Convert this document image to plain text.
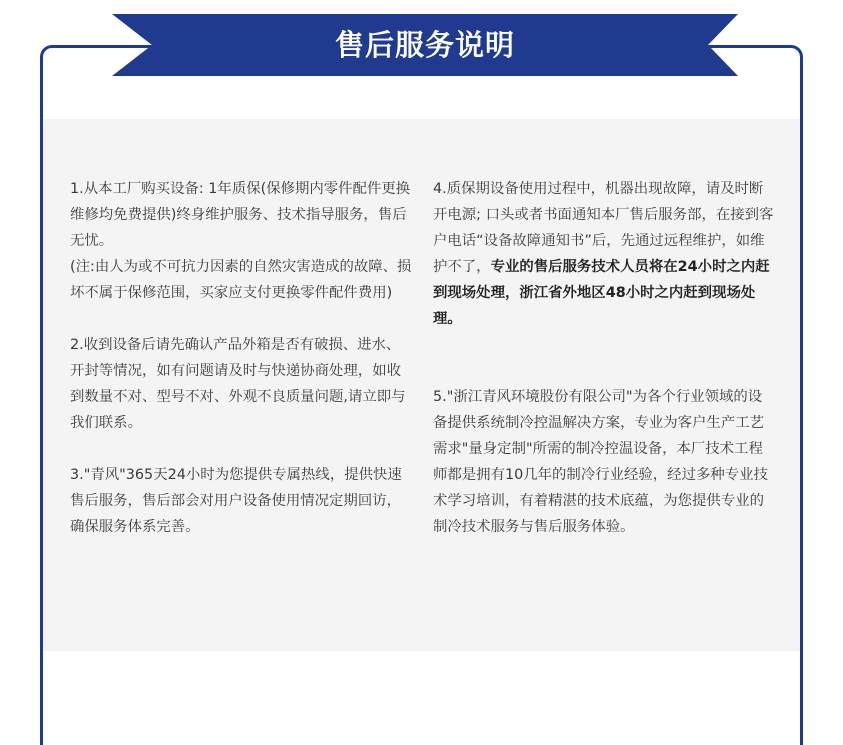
售后服务说明

1.从本工厂购买设备: 1年质保(保修期内零件配件更换维修均免费提供)终身维护服务、技术指导服务，售后无忧。

(注:由人为或不可抗力因素的自然灾害造成的故障、损坏不属于保修范围，买家应支付更换零件配件费用)

2.收到设备后请先确认产品外箱是否有破损、进水、开封等情况，如有问题请及时与快递协商处理，如收到数量不对、型号不对、外观不良质量问题,请立即与我们联系。

3."青风"365天24小时为您提供专属热线，提供快速售后服务，售后部会对用户设备使用情况定期回访，确保服务体系完善。

4.质保期设备使用过程中，机器出现故障，请及时断开电源; 口头或者书面通知本厂售后服务部，在接到客户电话“设备故障通知书”后，先通过远程维护，如维护不了，专业的售后服务技术人员将在24小时之内赶到现场处理，浙江省外地区48小时之内赶到现场处理。

5."浙江青风环境股份有限公司"为各个行业领域的设备提供系统制冷控温解决方案，专业为客户生产工艺需求"量身定制"所需的制冷控温设备，本厂技术工程师都是拥有10几年的制冷行业经验，经过多种专业技术学习培训，有着精湛的技术底蕴，为您提供专业的制冷技术服务与售后服务体验。
